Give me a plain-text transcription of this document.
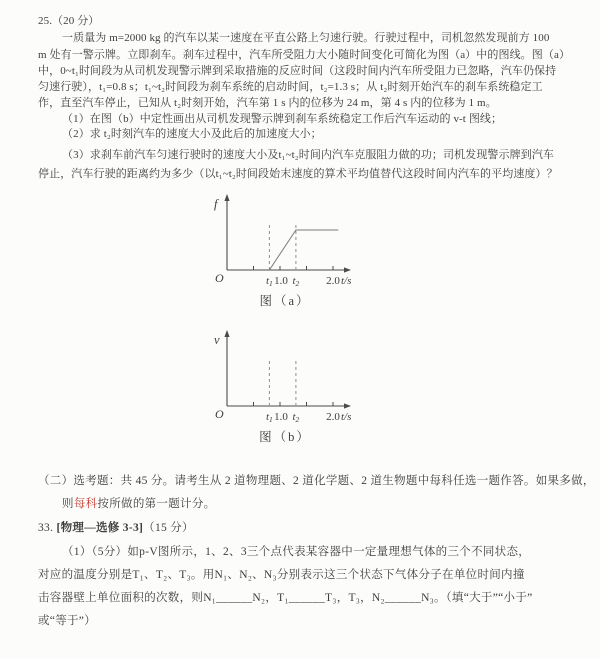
25.（20 分）
一质量为 m=2000 kg 的汽车以某一速度在平直公路上匀速行驶。行驶过程中，司机忽然发现前方 100
m 处有一警示牌。立即刹车。刹车过程中，汽车所受阻力大小随时间变化可简化为图（a）中的图线。图（a）
中，0~t₁时间段为从司机发现警示牌到采取措施的反应时间（这段时间内汽车所受阻力已忽略，汽车仍保持
匀速行驶），t₁=0.8 s；t₁~t₂时间段为刹车系统的启动时间，t₂=1.3 s；从 t₂时刻开始汽车的刹车系统稳定工
作，直至汽车停止，已知从 t₂时刻开始，汽车第 1 s 内的位移为 24 m，第 4 s 内的位移为 1 m。
（1）在图（b）中定性画出从司机发现警示牌到刹车系统稳定工作后汽车运动的 v-t 图线；
（2）求 t₂时刻汽车的速度大小及此后的加速度大小；
（3）求刹车前汽车匀速行驶时的速度大小及t₁~t₂时间内汽车克服阻力做的功；司机发现警示牌到汽车
停止，汽车行驶的距离约为多少（以t₁~t₂时间段始末速度的算术平均值替代这段时间内汽车的平均速度）？
O
f
t1 1.0 t2 2.0 t/s
图（a）
O
v
t1 1.0 t2 2.0 t/s
图（b）
（二）选考题：共 45 分。请考生从 2 道物理题、2 道化学题、2 道生物题中每科任选一题作答。如果多做，
则每科按所做的第一题计分。
33. [物理—选修 3-3]（15 分）
（1）（5分）如p-V图所示，1、2、3三个点代表某容器中一定量理想气体的三个不同状态，
对应的温度分别是T₁、T₂、T₃。用N₁、N₂、N₃分别表示这三个状态下气体分子在单位时间内撞
击容器壁上单位面积的次数，则N₁______N₂，T₁______T₃，T₃，N₂______N₃。（填“大于”“小于”
或“等于”）
